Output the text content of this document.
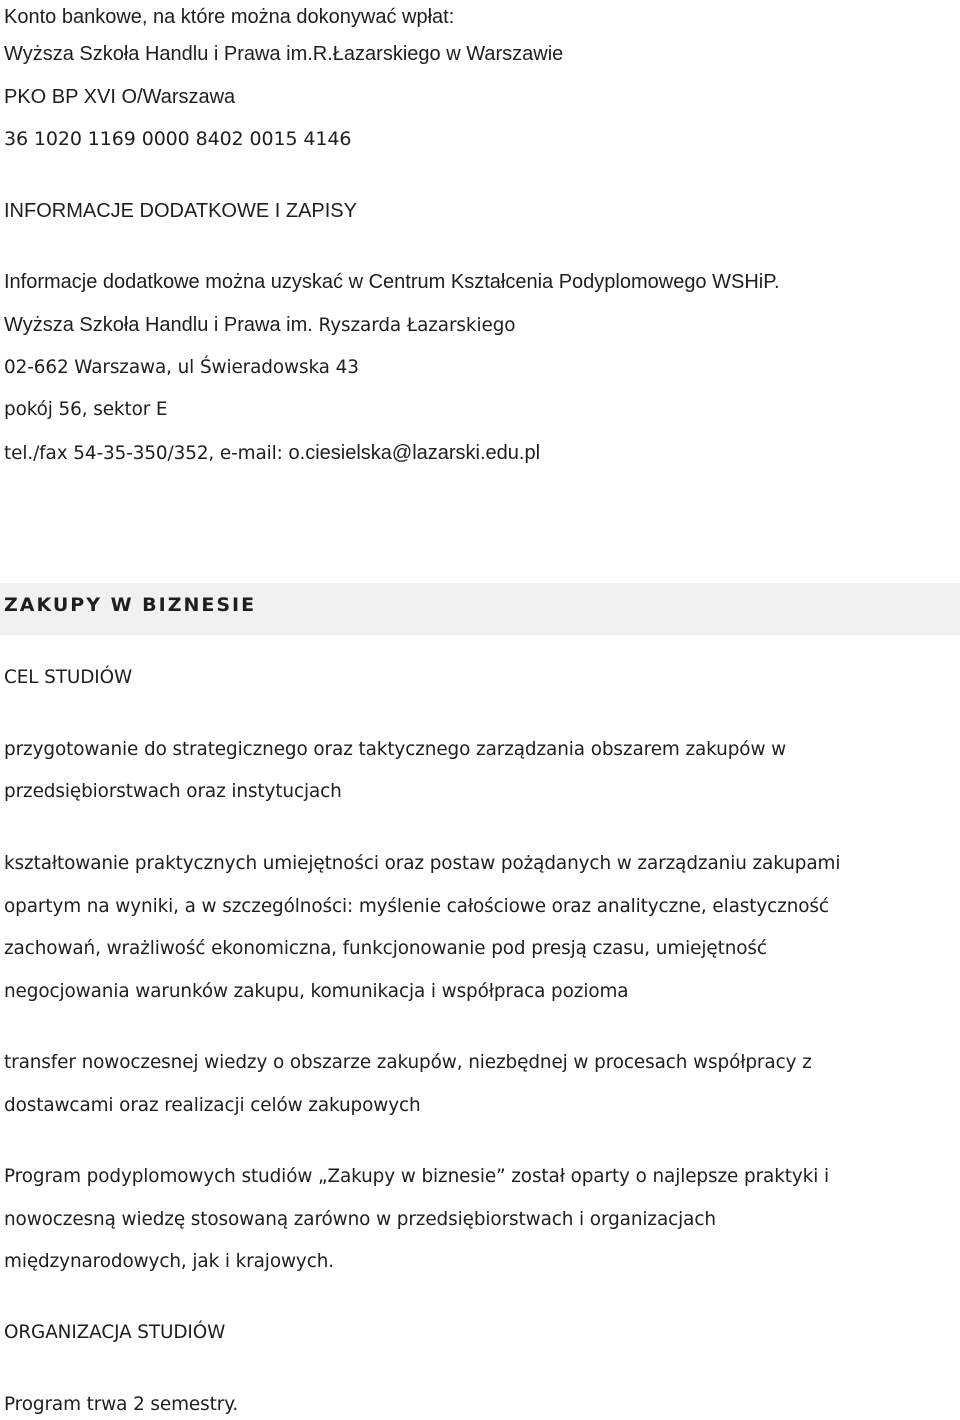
Konto bankowe, na które można dokonywać wpłat:
Wyższa Szkoła Handlu i Prawa im.R.Łazarskiego w Warszawie
PKO BP XVI O/Warszawa
36 1020 1169 0000 8402 0015 4146
INFORMACJE DODATKOWE I ZAPISY
Informacje dodatkowe można uzyskać w Centrum Kształcenia Podyplomowego WSHiP.
Wyższa Szkoła Handlu i Prawa im. Ryszarda Łazarskiego
02-662 Warszawa, ul Świeradowska 43
pokój 56, sektor E
tel./fax 54-35-350/352, e-mail: o.ciesielska@lazarski.edu.pl
ZAKUPY W BIZNESIE
CEL STUDIÓW
przygotowanie do strategicznego oraz taktycznego zarządzania obszarem zakupów w
przedsiębiorstwach oraz instytucjach
kształtowanie praktycznych umiejętności oraz postaw pożądanych w zarządzaniu zakupami
opartym na wyniki, a w szczególności: myślenie całościowe oraz analityczne, elastyczność
zachowań, wrażliwość ekonomiczna, funkcjonowanie pod presją czasu, umiejętność
negocjowania warunków zakupu, komunikacja i współpraca pozioma
transfer nowoczesnej wiedzy o obszarze zakupów, niezbędnej w procesach współpracy z
dostawcami oraz realizacji celów zakupowych
Program podyplomowych studiów „Zakupy w biznesie” został oparty o najlepsze praktyki i
nowoczesną wiedzę stosowaną zarówno w przedsiębiorstwach i organizacjach
międzynarodowych, jak i krajowych.
ORGANIZACJA STUDIÓW
Program trwa 2 semestry.
